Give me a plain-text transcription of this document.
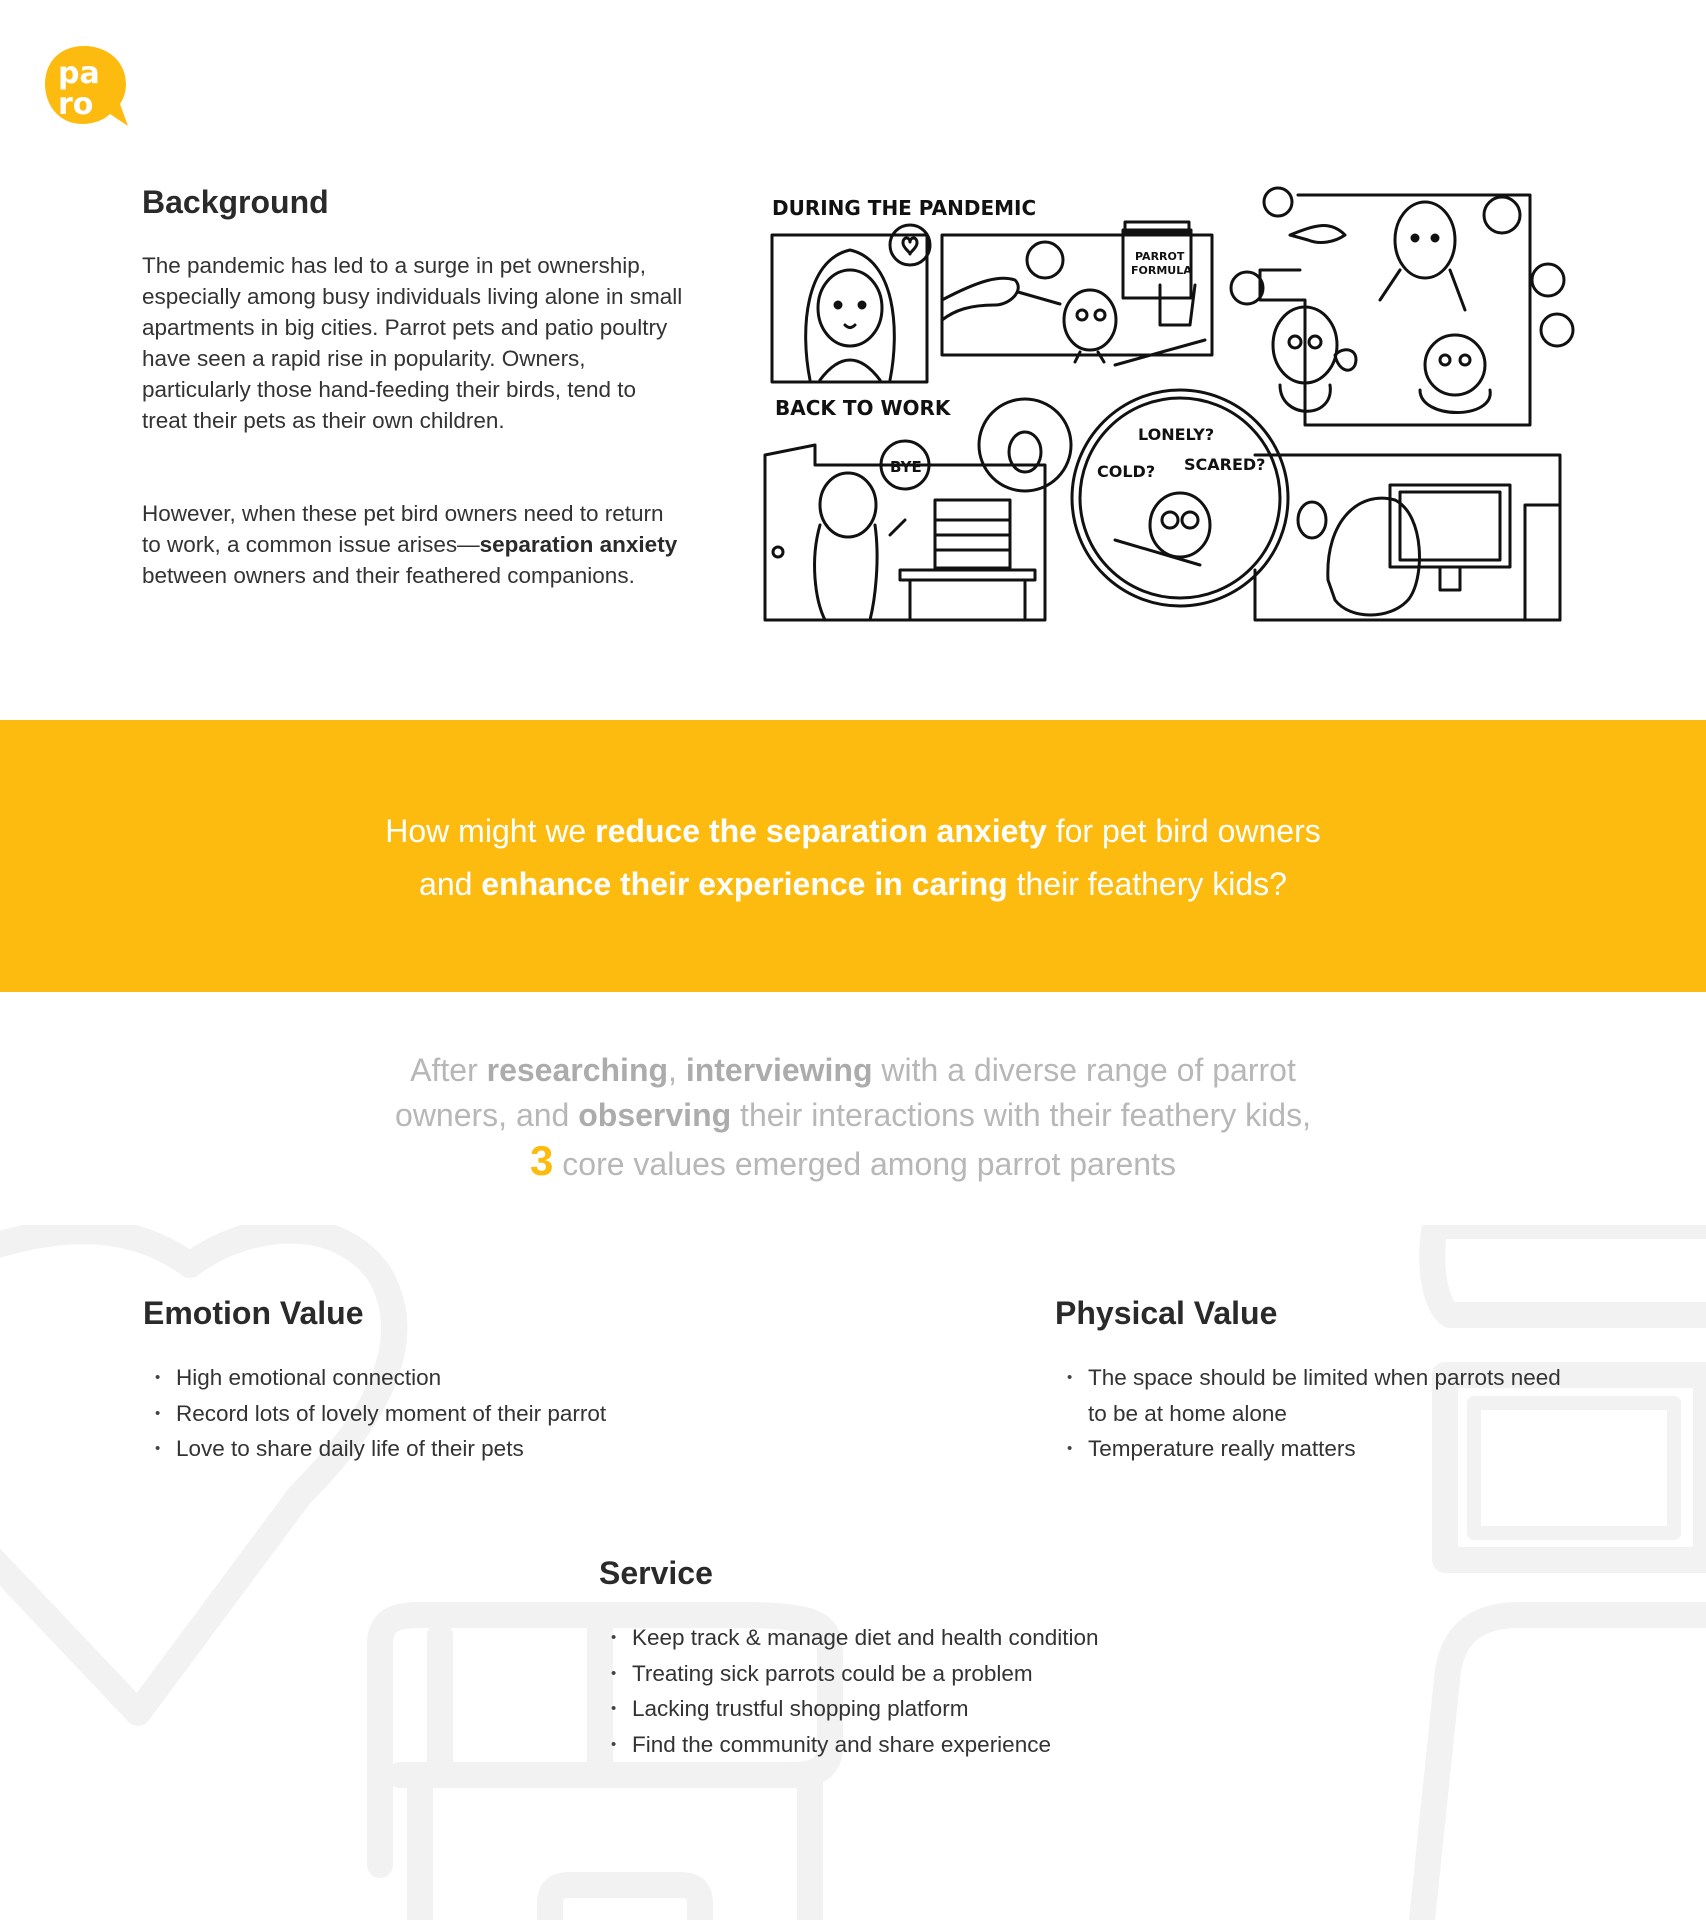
pa
ro
Background

The pandemic has led to a surge in pet ownership, especially among busy individuals living alone in small apartments in big cities. Parrot pets and patio poultry have seen a rapid rise in popularity. Owners, particularly those hand-feeding their birds, tend to treat their pets as their own children.

However, when these pet bird owners need to return to work, a common issue arises—separation anxiety between owners and their feathered companions.

DURING THE PANDEMIC
PARROT
FORMULA
BACK TO WORK
BYE
LONELY?
COLD? SCARED?
How might we reduce the separation anxiety for pet bird owners
and enhance their experience in caring their feathery kids?
After researching, interviewing with a diverse range of parrot
owners, and observing their interactions with their feathery kids,
3 core values emerged among parrot parents
Emotion Value
• High emotional connection
• Record lots of lovely moment of their parrot
• Love to share daily life of their pets
Physical Value
• The space should be limited when parrots need to be at home alone
• Temperature really matters
Service
• Keep track & manage diet and health condition
• Treating sick parrots could be a problem
• Lacking trustful shopping platform
• Find the community and share experience
